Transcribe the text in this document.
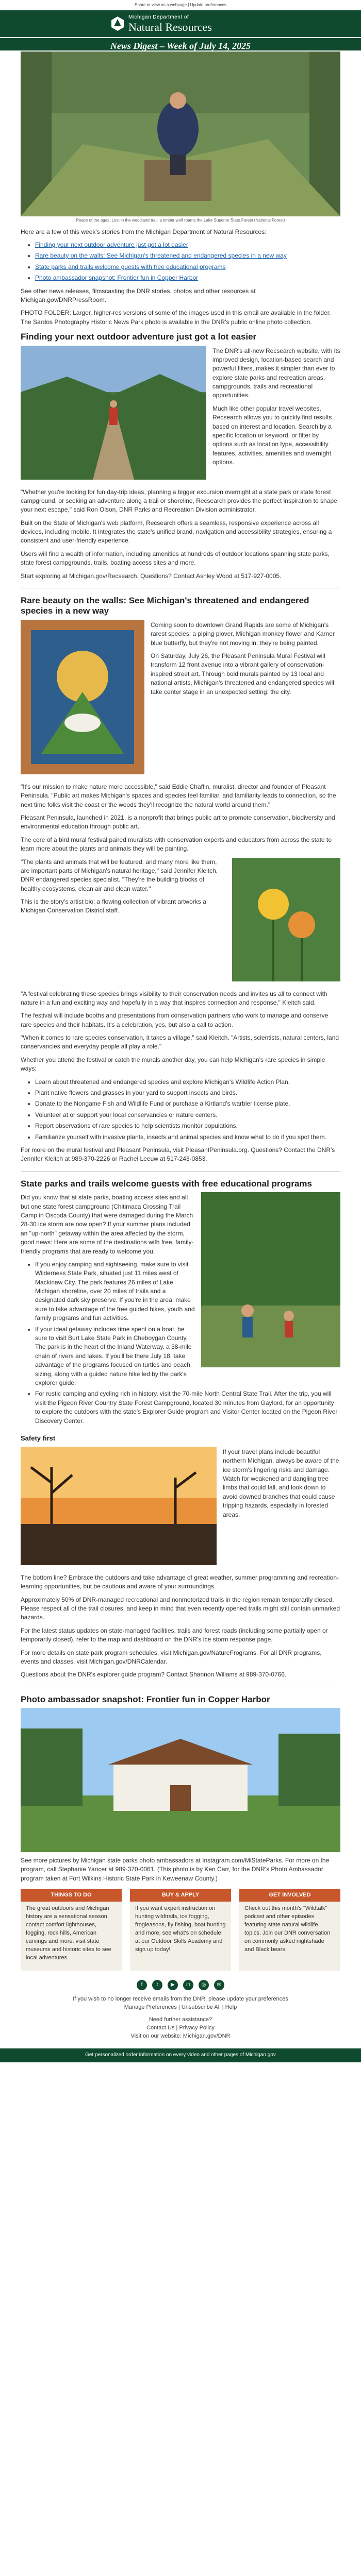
Share or view as a webpage | Update preferences
Michigan Department of
Natural Resources
News Digest – Week of July 14, 2025
Peace of the ages, Lost in the woodland trail, a timber wolf roams the Lake Superior State Forest (National Forest)

Here are a few of this week's stories from the Michigan Department of Natural Resources:

• Finding your next outdoor adventure just got a lot easier
• Rare beauty on the walls: See Michigan's threatened and endangered species in a new way
• State parks and trails welcome guests with free educational programs
• Photo ambassador snapshot: Frontier fun in Copper Harbor

See other news releases, filmscasting the DNR stories, photos and other resources at Michigan.gov/DNRPressRoom.

PHOTO FOLDER: Larger, higher-res versions of some of the images used in this email are available in the folder. The Sardos Photography Historic News Park photo is available in the DNR's public online photo collection.

Finding your next outdoor adventure just got a lot easier

The DNR's all-new Recsearch website, with its improved design, location-based search and powerful filters, makes it simpler than ever to explore state parks and recreation areas, campgrounds, trails and recreational opportunities.

Much like other popular travel websites, Recsearch allows you to quickly find results based on interest and location. Search by a specific location or keyword, or filter by options such as location type, accessibility features, activities, amenities and overnight options.

"Whether you're looking for fun day-trip ideas, planning a bigger excursion overnight at a state park or state forest campground, or seeking an adventure along a trail or shoreline, Recsearch provides the perfect inspiration to shape your next escape," said Ron Olson, DNR Parks and Recreation Division administrator.

Built on the State of Michigan's web platform, Recsearch offers a seamless, responsive experience across all devices, including mobile. It integrates the state's unified brand, navigation and accessibility strategies, ensuring a consistent and user-friendly experience.

Users will find a wealth of information, including amenities at hundreds of outdoor locations spanning state parks, state forest campgrounds, trails, boating access sites and more.

Start exploring at Michigan.gov/Recsearch. Questions? Contact Ashley Wood at 517-927-0005.

Rare beauty on the walls: See Michigan's threatened and endangered species in a new way

Coming soon to downtown Grand Rapids are some of Michigan's rarest species: a piping plover, Michigan monkey flower and Karner blue butterfly, but they're not moving in; they're being painted.

On Saturday, July 26, the Pleasant Peninsula Mural Festival will transform 12 front avenue into a vibrant gallery of conservation-inspired street art. Through bold murals painted by 13 local and national artists, Michigan's threatened and endangered species will take center stage in an unexpected setting: the city.

"It's our mission to make nature more accessible," said Eddie Chaffin, muralist, director and founder of Pleasant Peninsula. "Public art makes Michigan's spaces and species feel familiar, and familiarity leads to connection, so the next time folks visit the coast or the woods they'll recognize the natural world around them."

Pleasant Peninsula, launched in 2021, is a nonprofit that brings public art to promote conservation, biodiversity and environmental education through public art.

The core of a bird mural festival paired muralists with conservation experts and educators from across the state to learn more about the plants and animals they will be painting.

"The plants and animals that will be featured, and many more like them, are important parts of Michigan's natural heritage," said Jennifer Kleitch, DNR endangered species specialist. "They're the building blocks of healthy ecosystems, clean air and clean water."

This is the story's artist bio: a flowing collection of vibrant artworks a Michigan Conservation District staff.

"A festival celebrating these species brings visibility to their conservation needs and invites us all to connect with nature in a fun and exciting way and hopefully in a way that inspires connection and response," Kleitch said.

The festival will include booths and presentations from conservation partners who work to manage and conserve rare species and their habitats. It's a celebration, yes, but also a call to action.

"When it comes to rare species conservation, it takes a village," said Kleitch. "Artists, scientists, natural centers, land conservancies and everyday people all play a role."

Whether you attend the festival or catch the murals another day, you can help Michigan's rare species in simple ways:

• Learn about threatened and endangered species and explore Michigan's Wildlife Action Plan.
• Plant native flowers and grasses in your yard to support insects and birds.
• Donate to the Nongame Fish and Wildlife Fund or purchase a Kirtland's warbler license plate.
• Volunteer at or support your local conservancies or nature centers.
• Report observations of rare species to help scientists monitor populations.
• Familiarize yourself with invasive plants, insects and animal species and know what to do if you spot them.

For more on the mural festival and Pleasant Peninsula, visit PleasantPeninsula.org. Questions? Contact the DNR's Jennifer Kleitch at 989-370-2226 or Rachel Leeuw at 517-243-0853.

State parks and trails welcome guests with free educational programs

Did you know that at state parks, boating access sites and all but one state forest campground (Chitimaca Crossing Trail Camp in Oscoda County) that were damaged during the March 28-30 ice storm are now open? If your summer plans included an "up-north" getaway within the area affected by the storm, good news: Here are some of the destinations with free, family-friendly programs that are ready to welcome you.

• If you enjoy camping and sightseeing, make sure to visit Wilderness State Park, situated just 11 miles west of Mackinaw City. The park features 26 miles of Lake Michigan shoreline, over 20 miles of trails and a designated dark sky preserve. If you're in the area, make sure to take advantage of the free guided hikes, youth and family programs and fun activities.
• If your ideal getaway includes time spent on a boat, be sure to visit Burt Lake State Park in Cheboygan County. The park is in the heart of the Inland Waterway, a 38-mile chain of rivers and lakes. If you'll be there July 18, take advantage of the programs focused on turtles and beach sizing, along with a guided nature hike led by the park's explorer guide.
• For rustic camping and cycling rich in history, visit the 70-mile North Central State Trail. After the trip, you will visit the Pigeon River Country State Forest Campground, located 30 minutes from Gaylord, for an opportunity to explore the outdoors with the state's Explorer Guide program and Visitor Center located on the Pigeon River Discovery Center.
Safety first

If your travel plans include beautiful northern Michigan, always be aware of the ice storm's lingering risks and damage. Watch for weakened and dangling tree limbs that could fall, and look down to avoid downed branches that could cause tripping hazards, especially in forested areas.

The bottom line? Embrace the outdoors and take advantage of great weather, summer programming and recreation-learning opportunities, but be cautious and aware of your surroundings.

Approximately 50% of DNR-managed recreational and nonmotorized trails in the region remain temporarily closed. Please respect all of the trail closures, and keep in mind that even recently opened trails might still contain unmarked hazards.

For the latest status updates on state-managed facilities, trails and forest roads (including some partially open or temporarily closed), refer to the map and dashboard on the DNR's ice storm response page.

For more details on state park program schedules, visit Michigan.gov/NatureFrograms. For all DNR programs, events and classes, visit Michigan.gov/DNRCalendar.

Questions about the DNR's explorer guide program? Contact Shannon Wiliams at 989-370-0766.

Photo ambassador snapshot: Frontier fun in Copper Harbor

See more pictures by Michigan state parks photo ambassadors at Instagram.com/MiStateParks. For more on the program, call Stephanie Yancer at 989-370-0061. (This photo is by Ken Carr, for the DNR's Photo Ambassador program taken at Fort Wilkins Historic State Park in Keweenaw County.)

THINGS TO DO
The great outdoors and Michigan history are a sensational season contact comfort lighthouses, fogging, rock hills, American carvings and more: visit state museums and historic sites to see local adventures.
BUY & APPLY
If you want expert instruction on hunting wildtrails, ice fogging, frogleasons, fly fishing, boat hunting and more, see what's on schedule at our Outdoor Skills Academy and sign up today!
GET INVOLVED
Check out this month's "Wildtalk" podcast and other episodes featuring state natural wildlife topics. Join our DNR conversation on commonly asked nightshade and Black bears.
f	t	▶	in	◎	✉
If you wish to no longer receive emails from the DNR, please update your preferences
Manage Preferences | Unsubscribe All | Help
Need further assistance?
Contact Us | Privacy Policy
Visit on our website: Michigan.gov/DNR
Get personalized order information on every video and other pages of Michigan.gov
